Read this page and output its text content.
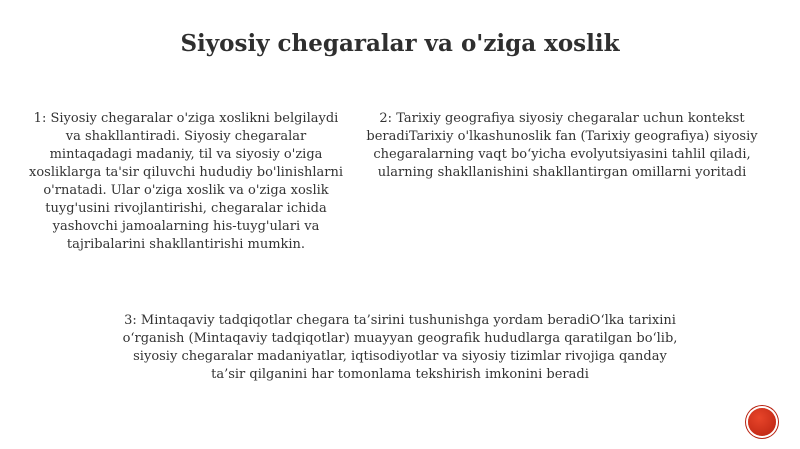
Siyosiy chegaralar va o'ziga xoslik

1: Siyosiy chegaralar o'ziga xoslikni belgilaydi va shakllantiradi. Siyosiy chegaralar mintaqadagi madaniy, til va siyosiy o'ziga xosliklarga ta'sir qiluvchi hududiy bo'linishlarni o'rnatadi. Ular o'ziga xoslik va o'ziga xoslik tuyg'usini rivojlantirishi, chegaralar ichida yashovchi jamoalarning his-tuyg'ulari va tajribalarini shakllantirishi mumkin.

2: Tarixiy geografiya siyosiy chegaralar uchun kontekst beradiTarixiy o'lkashunoslik fan (Tarixiy geografiya) siyosiy chegaralarning vaqt bo‘yicha evolyutsiyasini tahlil qiladi, ularning shakllanishini shakllantirgan omillarni yoritadi

3: Mintaqaviy tadqiqotlar chegara ta’sirini tushunishga yordam beradiO‘lka tarixini o‘rganish (Mintaqaviy tadqiqotlar) muayyan geografik hududlarga qaratilgan bo‘lib, siyosiy chegaralar madaniyatlar, iqtisodiyotlar va siyosiy tizimlar rivojiga qanday ta’sir qilganini har tomonlama tekshirish imkonini beradi
